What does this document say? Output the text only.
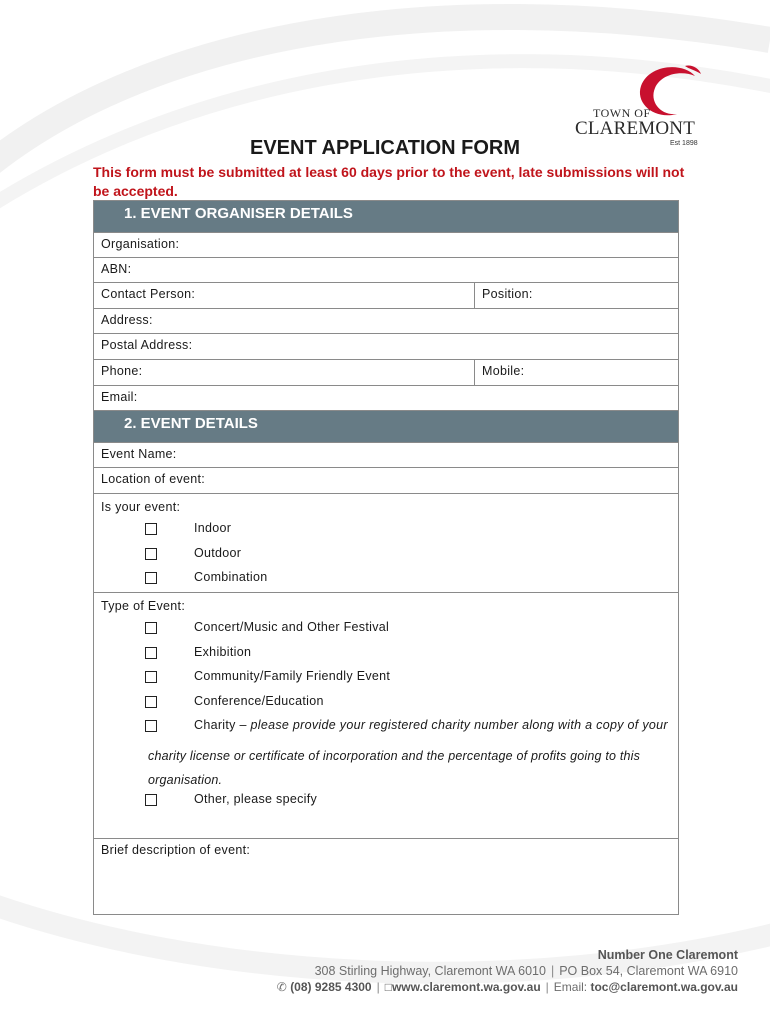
TOWN OF
CLAREMONT
Est 1898
EVENT APPLICATION FORM
This form must be submitted at least 60 days prior to the event, late submissions will not be accepted.
1. EVENT ORGANISER DETAILS
Organisation:
ABN:
Contact Person:	Position:
Address:
Postal Address:
Phone:	Mobile:
Email:
2. EVENT DETAILS
Event Name:
Location of event:
Is your event:
Indoor
Outdoor
Combination
Type of Event:
Concert/Music and Other Festival
Exhibition
Community/Family Friendly Event
Conference/Education
Charity – please provide your registered charity number along with a copy of your
charity license or certificate of incorporation and the percentage of profits going to this
organisation.
Other, please specify
Brief description of event:
Number One Claremont
308 Stirling Highway, Claremont WA 6010 | PO Box 54, Claremont WA 6910
✆ (08) 9285 4300 | □www.claremont.wa.gov.au | Email: toc@claremont.wa.gov.au
